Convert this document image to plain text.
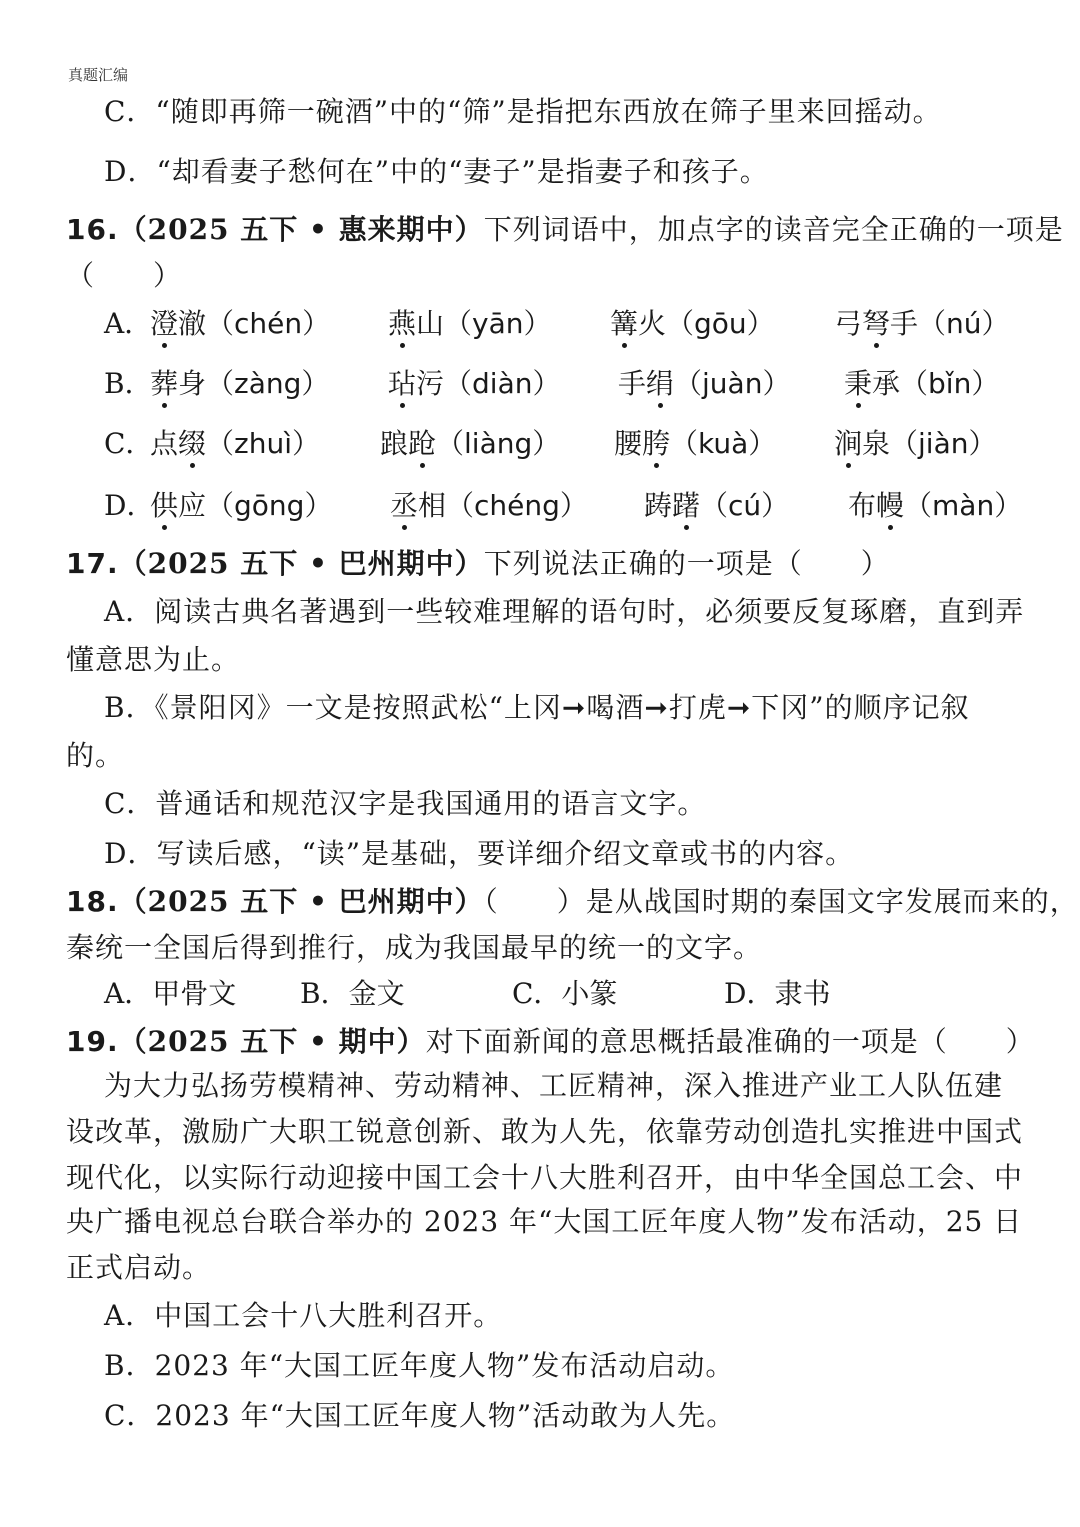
真题汇编
C．“随即再筛一碗酒”中的“筛”是指把东西放在筛子里来回摇动。
D．“却看妻子愁何在”中的“妻子”是指妻子和孩子。
16.（2025 五下 • 惠来期中）下列词语中，加点字的读音完全正确的一项是
（　　）
A．
澄澈（chén） 燕山（yān） 篝火（gōu） 弓弩手（nú）
B．
葬身（zàng） 玷污（diàn） 手绢（juàn） 秉承（bǐn）
C．
点缀（zhuì） 踉跄（liàng） 腰胯（kuà） 涧泉（jiàn）
D．
供应（gōng） 丞相（chéng） 踌躇（cú） 布幔（màn）
17.（2025 五下 • 巴州期中）下列说法正确的一项是（　　）
A．阅读古典名著遇到一些较难理解的语句时，必须要反复琢磨，直到弄
懂意思为止。
B．《景阳冈》一文是按照武松“上冈➞喝酒➞打虎➞下冈”的顺序记叙
的。
C．普通话和规范汉字是我国通用的语言文字。
D．写读后感，“读”是基础，要详细介绍文章或书的内容。
18.（2025 五下 • 巴州期中）（　　）是从战国时期的秦国文字发展而来的，
秦统一全国后得到推行，成为我国最早的统一的文字。
A．甲骨文 B．金文	C．小篆	D．隶书
19.（2025 五下 • 期中）对下面新闻的意思概括最准确的一项是（　　）
为大力弘扬劳模精神、劳动精神、工匠精神，深入推进产业工人队伍建
设改革，激励广大职工锐意创新、敢为人先，依靠劳动创造扎实推进中国式
现代化，以实际行动迎接中国工会十八大胜利召开，由中华全国总工会、中
央广播电视总台联合举办的 2023 年“大国工匠年度人物”发布活动，25 日
正式启动。
A．中国工会十八大胜利召开。
B．2023 年“大国工匠年度人物”发布活动启动。
C．2023 年“大国工匠年度人物”活动敢为人先。
